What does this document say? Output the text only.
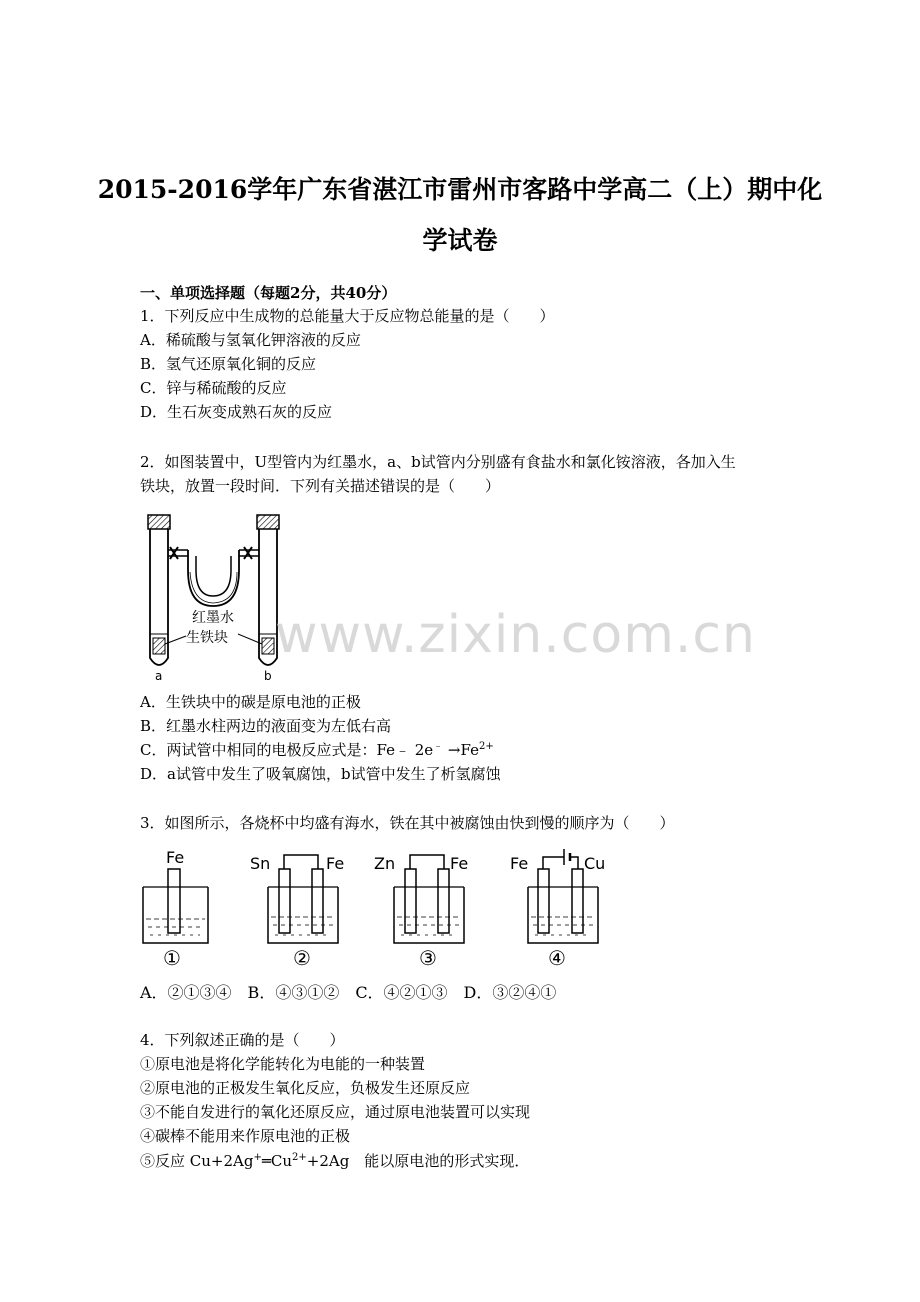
2015-2016学年广东省湛江市雷州市客路中学高二（上）期中化
学试卷
一、单项选择题（每题2分，共40分）
1．下列反应中生成物的总能量大于反应物总能量的是（　　）
A．稀硫酸与氢氧化钾溶液的反应
B．氢气还原氧化铜的反应
C．锌与稀硫酸的反应
D．生石灰变成熟石灰的反应
2．如图装置中，U型管内为红墨水，a、b试管内分别盛有食盐水和氯化铵溶液，各加入生
铁块，放置一段时间．下列有关描述错误的是（　　）
红墨水
生铁块
a	b
www.zixin.com.cn
A．生铁块中的碳是原电池的正极
B．红墨水柱两边的液面变为左低右高
C．两试管中相同的电极反应式是：Fe﹣ $2e^﹣ \to Fe^{2+}$
D．a试管中发生了吸氧腐蚀，b试管中发生了析氢腐蚀
3．如图所示，各烧杯中均盛有海水，铁在其中被腐蚀由快到慢的顺序为（　　）
Fe
①
Sn	Fe
②
Zn	Fe
③
Fe	Cu
④
A．②①③④　B．④③①②　C．④②①③　D．③②④①
4．下列叙述正确的是（　　）
①原电池是将化学能转化为电能的一种装置
②原电池的正极发生氧化反应，负极发生还原反应
③不能自发进行的氧化还原反应，通过原电池装置可以实现
④碳棒不能用来作原电池的正极
⑤反应 $Cu+2Ag^+═Cu^{2+}+2Ag$　能以原电池的形式实现．
